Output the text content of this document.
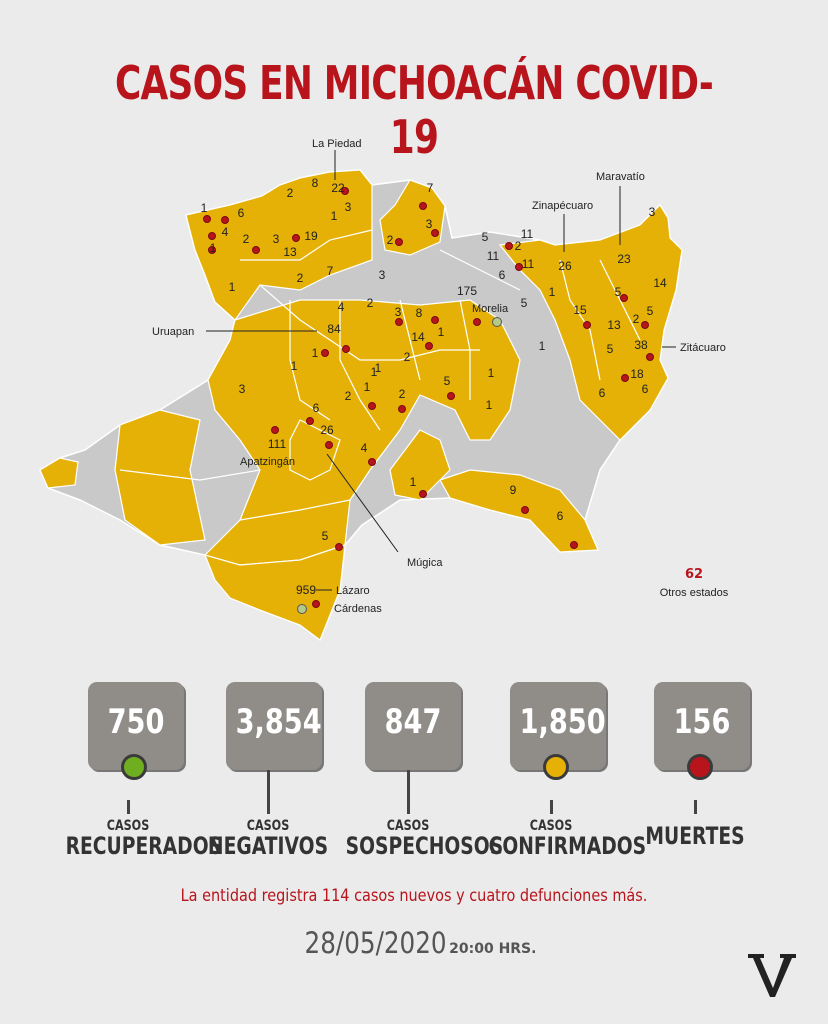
CASOS EN MICHOACÁN COVID-19
La Piedad
Maravatío
Zinapécuaro
Uruapan
Morelia
Zitácuaro
Apatzingán
Múgica
Lázaro
Cárdenas
62
Otros estados
1	6
4
1
2 3 19
13
2
8 22
3
1
7
3
2
1
7	3
4 2
84
1
1
3 8
14 1
2
175
5	11
11
2
6
11 26
1
5
23
3
14
5
15
13 2
5
5 38
18
6	6
3
1
1
2	2
5
1
1
1
6
26
111	4
1
9
6
2
1
5
959
750
CASOS
RECUPERADOS
3,854
CASOS
NEGATIVOS
847
CASOS
SOSPECHOSOS
1,850
CASOS
CONFIRMADOS
156
MUERTES
La entidad registra 114 casos nuevos y cuatro defunciones más.
28/05/2020 20:00 HRS.
